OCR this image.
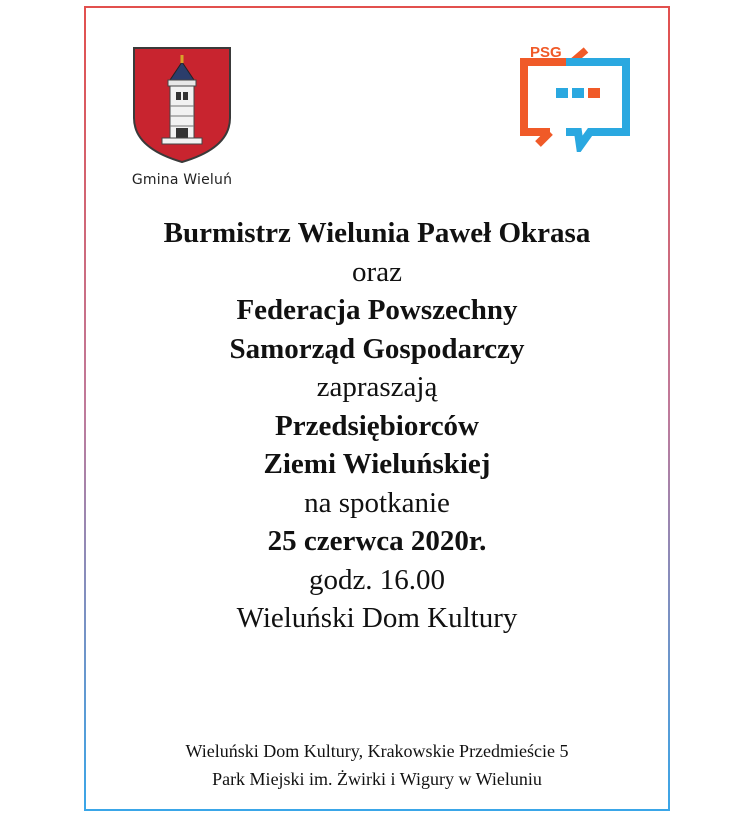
Gmina Wieluń
PSG
Burmistrz Wielunia Paweł Okrasa
oraz
Federacja Powszechny
Samorząd Gospodarczy
zapraszają
Przedsiębiorców
Ziemi Wieluńskiej
na spotkanie
25 czerwca 2020r.
godz. 16.00
Wieluński Dom Kultury
Wieluński Dom Kultury, Krakowskie Przedmieście 5
Park Miejski im. Żwirki i Wigury w Wieluniu
